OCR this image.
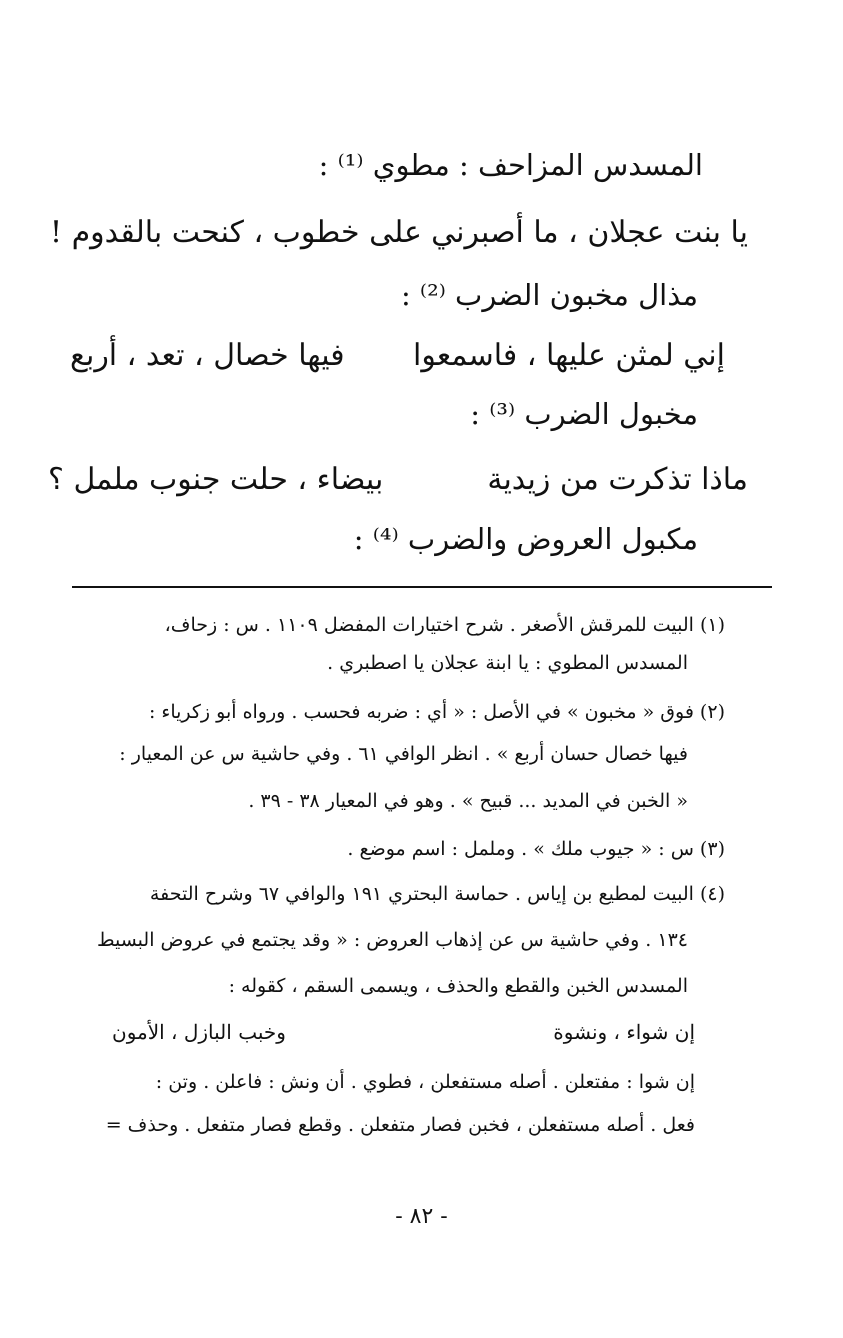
المسدس المزاحف : مطوي ⁽¹⁾ :
يا بنت عجلان ، ما أصبرني
على خطوب ، كنحت بالقدوم !
مذال مخبون الضرب ⁽²⁾ :
إني لمثن عليها ، فاسمعوا
فيها خصال ، تعد ، أربع
مخبول الضرب ⁽³⁾ :
ماذا تذكرت من زيدية
بيضاء ، حلت جنوب ململ ؟
مكبول العروض والضرب ⁽⁴⁾ :
(١) البيت للمرقش الأصغر . شرح اختيارات المفضل ١١٠٩ . س : زحاف،
المسدس المطوي : يا ابنة عجلان يا اصطبري .
(٢) فوق « مخبون » في الأصل : « أي : ضربه فحسب . ورواه أبو زكرياء :
فيها خصال حسان أربع » . انظر الوافي ٦١ . وفي حاشية س عن المعيار :
« الخبن في المديد ... قبيح » . وهو في المعيار ٣٨ - ٣٩ .
(٣) س : « جيوب ملك » . وململ : اسم موضع .
(٤) البيت لمطيع بن إياس . حماسة البحتري ١٩١ والوافي ٦٧ وشرح التحفة
١٣٤ . وفي حاشية س عن إذهاب العروض : « وقد يجتمع في عروض البسيط
المسدس الخبن والقطع والحذف ، ويسمى السقم ، كقوله :
إن شواء ، ونشوة
وخبب البازل ، الأمون
إن شوا : مفتعلن . أصله مستفعلن ، فطوي . أن ونش : فاعلن . وتن :
فعل . أصله مستفعلن ، فخبن فصار متفعلن . وقطع فصار متفعل . وحذف =
- ٨٢ -
